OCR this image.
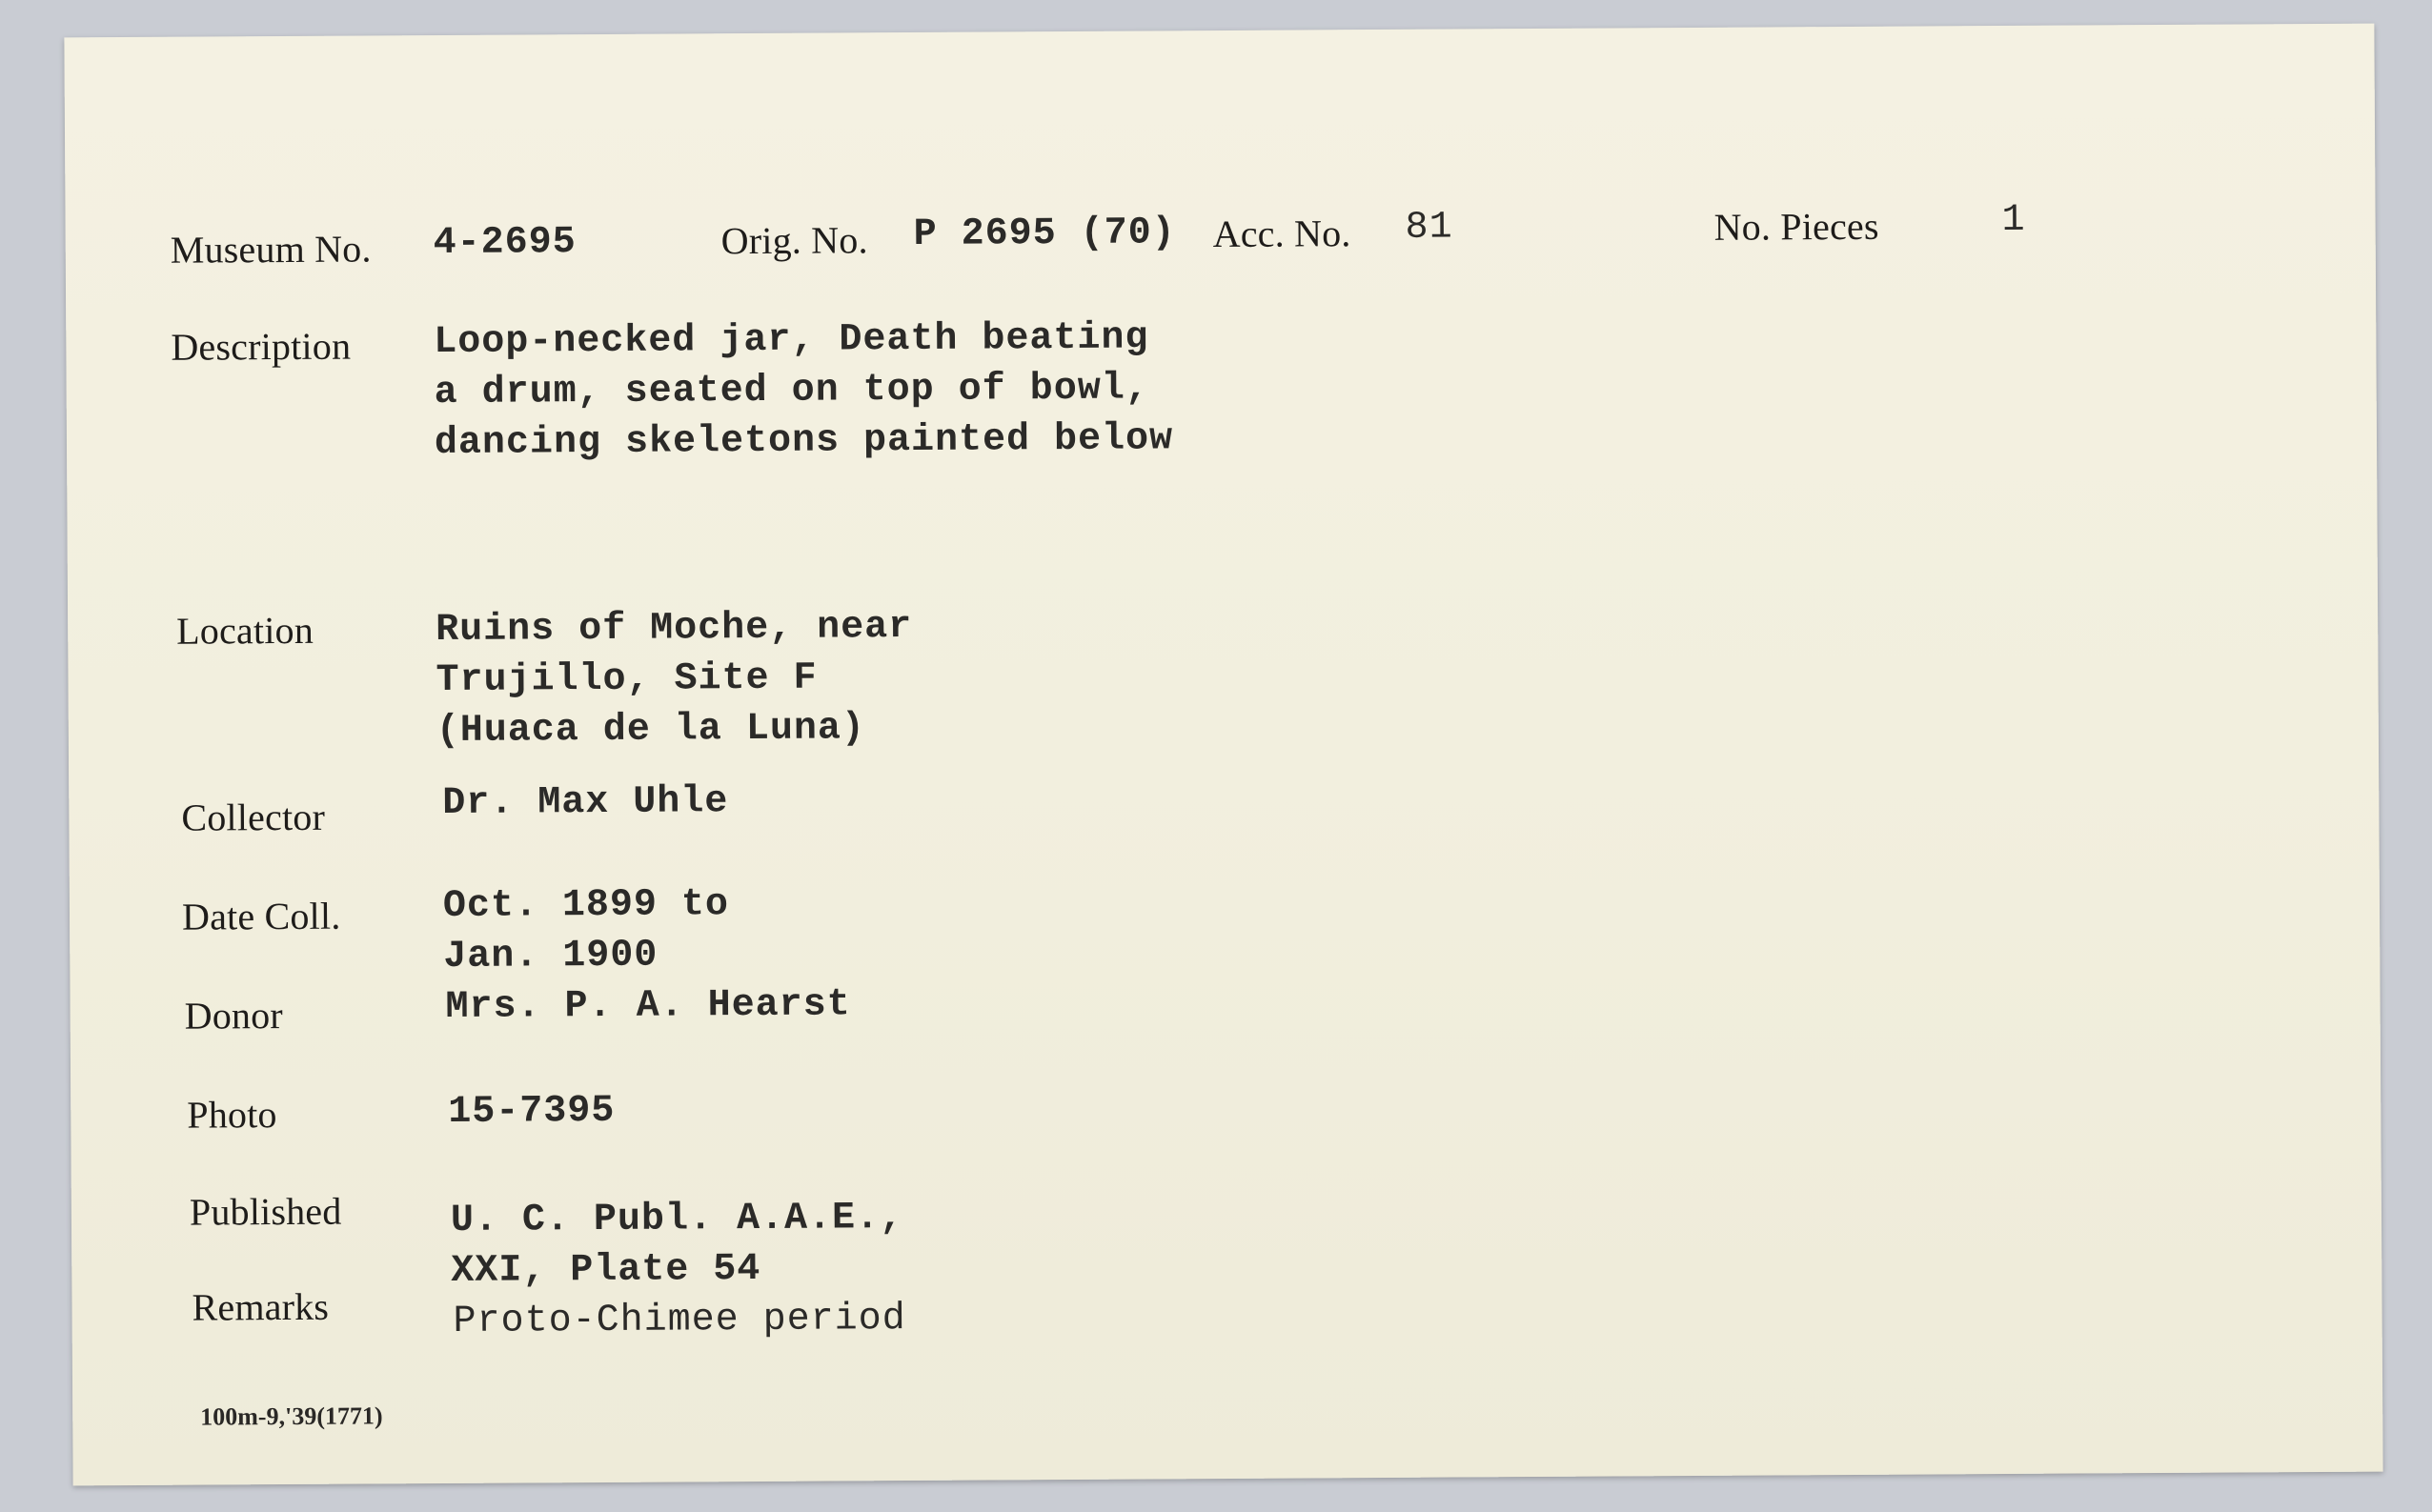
Museum No. 4-2695	Orig. No. P 2695 (70) Acc. No. 81	No. Pieces	1
Description Loop-necked jar, Death beating
a drum, seated on top of bowl,
dancing skeletons painted below
Location	Ruins of Moche, near
Trujillo, Site F
(Huaca de la Luna)
Collector	Dr. Max Uhle
Date Coll.	Oct. 1899 to
Jan. 1900
Donor	Mrs. P. A. Hearst
Photo	15-7395
Published	U. C. Publ. A.A.E.,
XXI, Plate 54
Remarks	Proto-Chimee period
100m-9,'39(1771)
